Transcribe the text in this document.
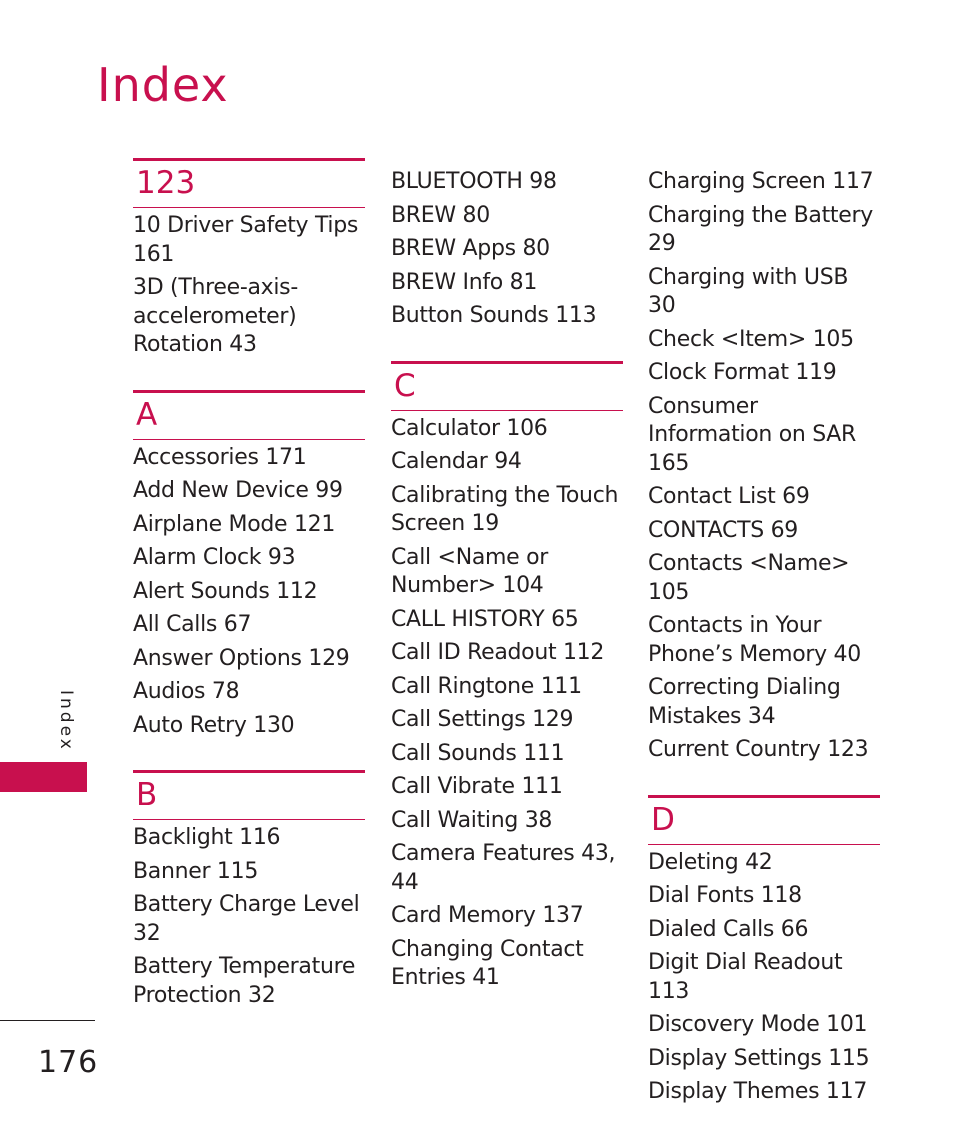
Index
123
10 Driver Safety Tips 161
3D (Three-axis-accelerometer) Rotation 43
A
Accessories 171
Add New Device 99
Airplane Mode 121
Alarm Clock 93
Alert Sounds 112
All Calls 67
Answer Options 129
Audios 78
Auto Retry 130
B
Backlight 116
Banner 115
Battery Charge Level 32
Battery Temperature Protection 32
BLUETOOTH 98
BREW 80
BREW Apps 80
BREW Info 81
Button Sounds 113
C
Calculator 106
Calendar 94
Calibrating the Touch Screen 19
Call <Name or Number> 104
CALL HISTORY 65
Call ID Readout 112
Call Ringtone 111
Call Settings 129
Call Sounds 111
Call Vibrate 111
Call Waiting 38
Camera Features 43, 44
Card Memory 137
Changing Contact Entries 41
Charging Screen 117
Charging the Battery 29
Charging with USB 30
Check <Item> 105
Clock Format 119
Consumer Information on SAR 165
Contact List 69
CONTACTS 69
Contacts <Name> 105
Contacts in Your Phone’s Memory 40
Correcting Dialing Mistakes 34
Current Country 123
D
Deleting 42
Dial Fonts 118
Dialed Calls 66
Digit Dial Readout 113
Discovery Mode 101
Display Settings 115
Display Themes 117
Index
176
